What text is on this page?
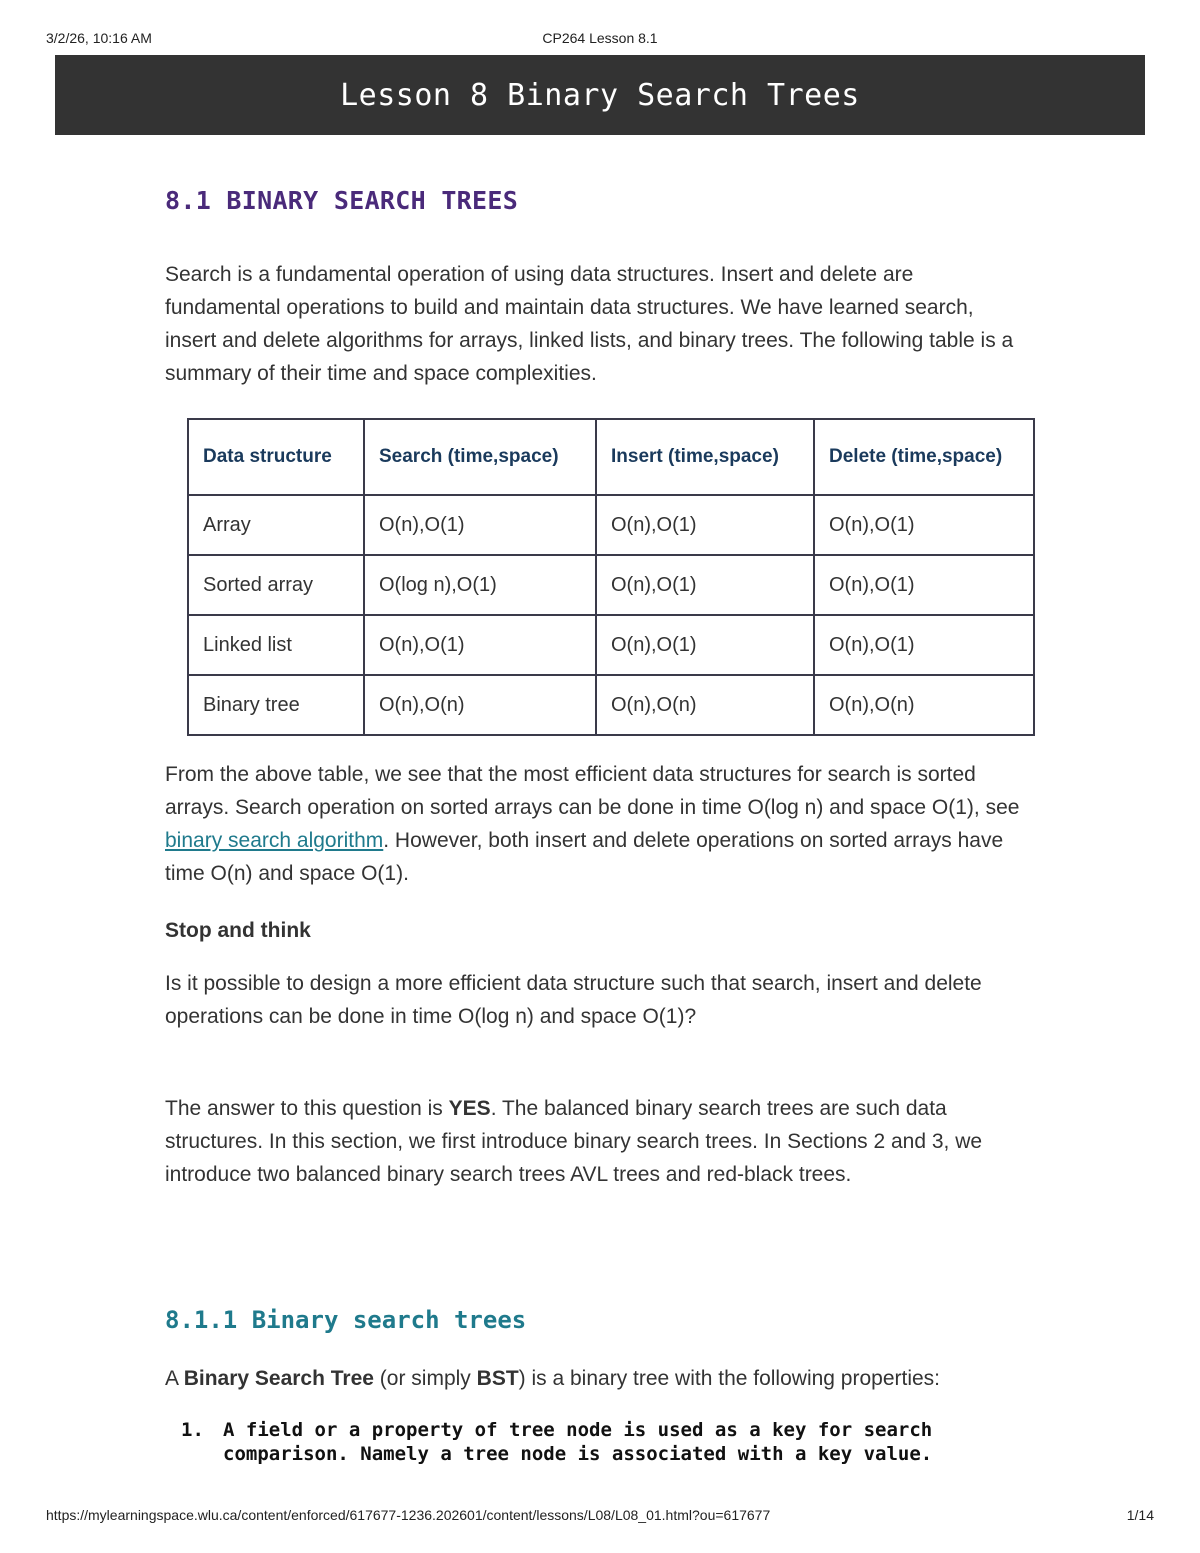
3/2/26, 10:16 AM	CP264 Lesson 8.1
Lesson 8 Binary Search Trees
8.1 BINARY SEARCH TREES

Search is a fundamental operation of using data structures. Insert and delete are fundamental operations to build and maintain data structures. We have learned search, insert and delete algorithms for arrays, linked lists, and binary trees. The following table is a summary of their time and space complexities.

Data structure	Search (time,space)	Insert (time,space)	Delete (time,space)
Array	O(n),O(1)	O(n),O(1)	O(n),O(1)
Sorted array	O(log n),O(1)	O(n),O(1)	O(n),O(1)
Linked list	O(n),O(1)	O(n),O(1)	O(n),O(1)
Binary tree	O(n),O(n)	O(n),O(n)	O(n),O(n)

From the above table, we see that the most efficient data structures for search is sorted arrays. Search operation on sorted arrays can be done in time O(log n) and space O(1), see binary search algorithm. However, both insert and delete operations on sorted arrays have time O(n) and space O(1).

Stop and think

Is it possible to design a more efficient data structure such that search, insert and delete operations can be done in time O(log n) and space O(1)?

The answer to this question is YES. The balanced binary search trees are such data structures. In this section, we first introduce binary search trees. In Sections 2 and 3, we introduce two balanced binary search trees AVL trees and red-black trees.

8.1.1 Binary search trees

A Binary Search Tree (or simply BST) is a binary tree with the following properties:

1. A field or a property of tree node is used as a key for search comparison. Namely a tree node is associated with a key value.
https://mylearningspace.wlu.ca/content/enforced/617677-1236.202601/content/lessons/L08/L08_01.html?ou=617677	1/14
